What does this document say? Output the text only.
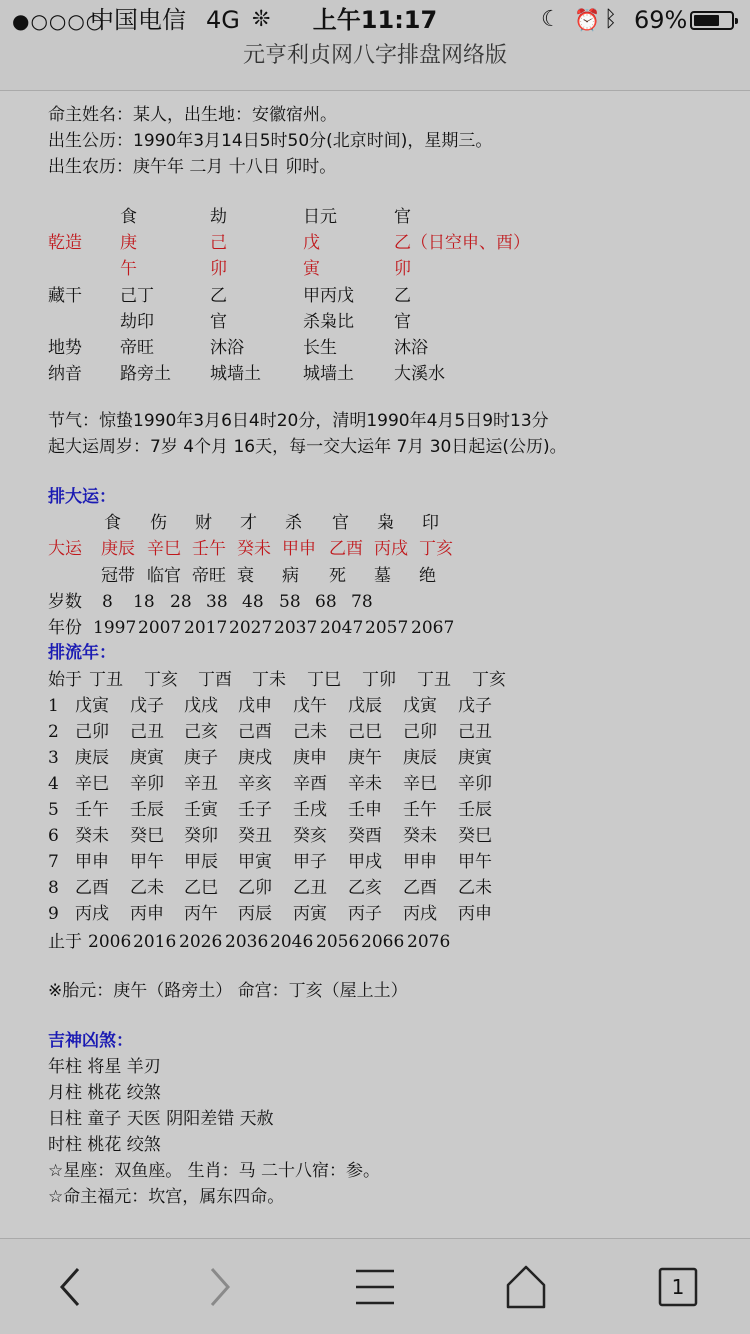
●○○○○
中国电信 4G ❊	上午11:17	☾ ⏰ ᛒ 69%
元亨利贞网八字排盘网络版
命主姓名：某人，出生地：安徽宿州。
出生公历：1990年3月14日5时50分(北京时间)，星期三。
出生农历：庚午年 二月 十八日 卯时。
食	劫	日元	官
乾造 庚	己	戊	乙（日空申、酉）
午	卯	寅	卯
藏干 己丁	乙	甲丙戊 乙
劫印	官	杀枭比 官
地势 帝旺	沐浴	长生	沐浴
纳音 路旁土 城墙土 城墙土 大溪水
节气：惊蛰1990年3月6日4时20分，清明1990年4月5日9时13分
起大运周岁：7岁 4个月 16天，每一交大运年 7月 30日起运(公历)。
排大运：
食 伤 财 才 杀 官 枭 印
大运 庚辰 辛巳 壬午 癸未 甲申 乙酉 丙戌 丁亥
冠带 临官 帝旺 衰 病 死 墓 绝
岁数 8 18 28 38 48 58 68 78
年份 1997 2007 2017 2027 2037 2047 2057 2067
排流年：
始于 丁丑 丁亥 丁酉 丁未 丁巳 丁卯 丁丑 丁亥
1 戊寅 戊子 戊戌 戊申 戊午 戊辰 戊寅 戊子
2 己卯 己丑 己亥 己酉 己未 己巳 己卯 己丑
3 庚辰 庚寅 庚子 庚戌 庚申 庚午 庚辰 庚寅
4 辛巳 辛卯 辛丑 辛亥 辛酉 辛未 辛巳 辛卯
5 壬午 壬辰 壬寅 壬子 壬戌 壬申 壬午 壬辰
6 癸未 癸巳 癸卯 癸丑 癸亥 癸酉 癸未 癸巳
7 甲申 甲午 甲辰 甲寅 甲子 甲戌 甲申 甲午
8 乙酉 乙未 乙巳 乙卯 乙丑 乙亥 乙酉 乙未
9 丙戌 丙申 丙午 丙辰 丙寅 丙子 丙戌 丙申
止于 2006 2016 2026 2036 2046 2056 2066 2076
※胎元：庚午（路旁土） 命宫：丁亥（屋上土）
吉神凶煞：
年柱 将星 羊刃
月柱 桃花 绞煞
日柱 童子 天医 阴阳差错 天赦
时柱 桃花 绞煞
☆星座：双鱼座。 生肖：马 二十八宿：参。
☆命主福元：坎宫，属东四命。
1
